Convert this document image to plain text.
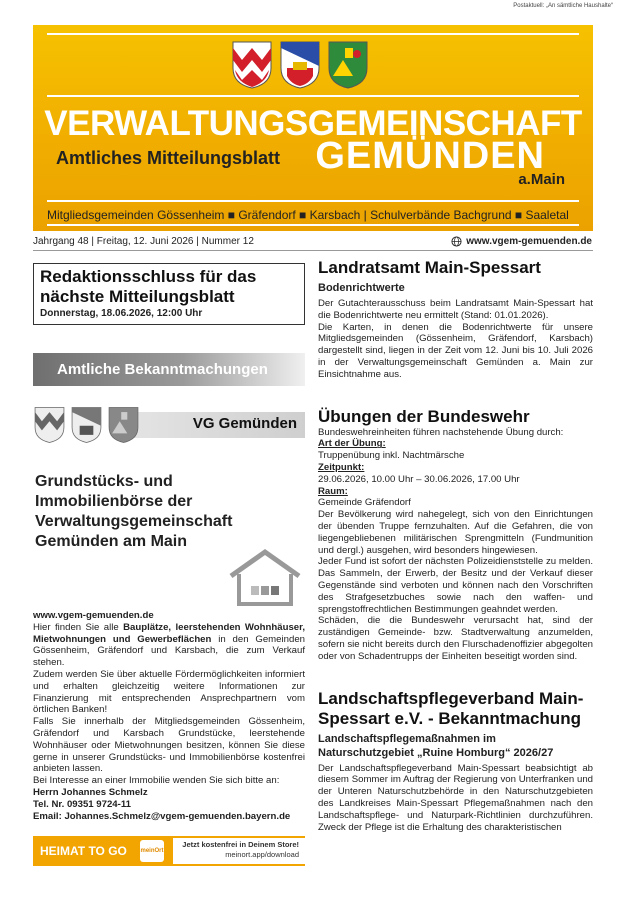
Postaktuell: „An sämtliche Haushalte“
VERWALTUNGSGEMEINSCHAFT
Amtliches Mitteilungsblatt GEMÜNDEN
a.Main
Mitgliedsgemeinden Gössenheim ■ Gräfendorf ■ Karsbach | Schulverbände Bachgrund ■ Saaletal
Jahrgang 48 | Freitag, 12. Juni 2026 | Nummer 12	www.vgem-gemuenden.de
Redaktionsschluss für das nächste Mitteilungsblatt
Donnerstag, 18.06.2026, 12:00 Uhr
Amtliche Bekanntmachungen
VG Gemünden
Grundstücks- und Immobilienbörse der Verwaltungsgemeinschaft Gemünden am Main

www.vgem-gemuenden.de

Hier finden Sie alle Bauplätze, leerstehenden Wohnhäuser, Mietwohnungen und Gewerbeflächen in den Gemeinden Gössenheim, Gräfendorf und Karsbach, die zum Verkauf stehen.

Zudem werden Sie über aktuelle Fördermöglichkeiten informiert und erhalten gleichzeitig weitere Informationen zur Finanzierung mit entsprechenden Ansprechpartnern vom örtlichen Banken!

Falls Sie innerhalb der Mitgliedsgemeinden Gössenheim, Gräfendorf und Karsbach Grundstücke, leerstehende Wohnhäuser oder Mietwohnungen besitzen, können Sie diese gerne in unserer Grundstücks- und Immobilienbörse kostenfrei anbieten lassen.

Bei Interesse an einer Immobilie wenden Sie sich bitte an:

Herrn Johannes Schmelz

Tel. Nr. 09351 9724-11

Email: Johannes.Schmelz@vgem-gemuenden.bayern.de

HEIMAT TO GO	meinOrt
Jetzt kostenfrei in Deinem Store!
meinort.app/download
Landratsamt Main-Spessart
Bodenrichtwerte

Der Gutachterausschuss beim Landratsamt Main-Spessart hat die Bodenrichtwerte neu ermittelt (Stand: 01.01.2026).

Die Karten, in denen die Bodenrichtwerte für unsere Mitgliedsgemeinden (Gössenheim, Gräfendorf, Karsbach) dargestellt sind, liegen in der Zeit vom 12. Juni bis 10. Juli 2026 in der Verwaltungsgemeinschaft Gemünden a. Main zur Einsichtnahme aus.

Übungen der Bundeswehr

Bundeswehreinheiten führen nachstehende Übung durch:

Art der Übung:

Truppenübung inkl. Nachtmärsche

Zeitpunkt:

29.06.2026, 10.00 Uhr – 30.06.2026, 17.00 Uhr

Raum:

Gemeinde Gräfendorf

Der Bevölkerung wird nahegelegt, sich von den Einrichtungen der übenden Truppe fernzuhalten. Auf die Gefahren, die von liegengebliebenen militärischen Sprengmitteln (Fundmunition und dergl.) ausgehen, wird besonders hingewiesen.

Jeder Fund ist sofort der nächsten Polizeidienststelle zu melden. Das Sammeln, der Erwerb, der Besitz und der Verkauf dieser Gegenstände sind verboten und können nach den Vorschriften des Strafgesetzbuches sowie nach den waffen- und sprengstoffrechtlichen Bestimmungen geahndet werden.

Schäden, die die Bundeswehr verursacht hat, sind der zuständigen Gemeinde- bzw. Stadtverwaltung anzumelden, sofern sie nicht bereits durch den Flurschadenoffizier abgegolten oder von Schadentrupps der Einheiten beseitigt worden sind.

Landschaftspflegeverband Main-Spessart e.V. - Bekanntmachung
Landschaftspflegemaßnahmen im Naturschutzgebiet „Ruine Homburg“ 2026/27

Der Landschaftspflegeverband Main-Spessart beabsichtigt ab diesem Sommer im Auftrag der Regierung von Unterfranken und der Unteren Naturschutzbehörde in den Naturschutzgebieten des Landkreises Main-Spessart Pflegemaßnahmen nach den Landschaftspflege- und Naturpark-Richtlinien durchzuführen. Zweck der Pflege ist die Erhaltung des charakteristischen
